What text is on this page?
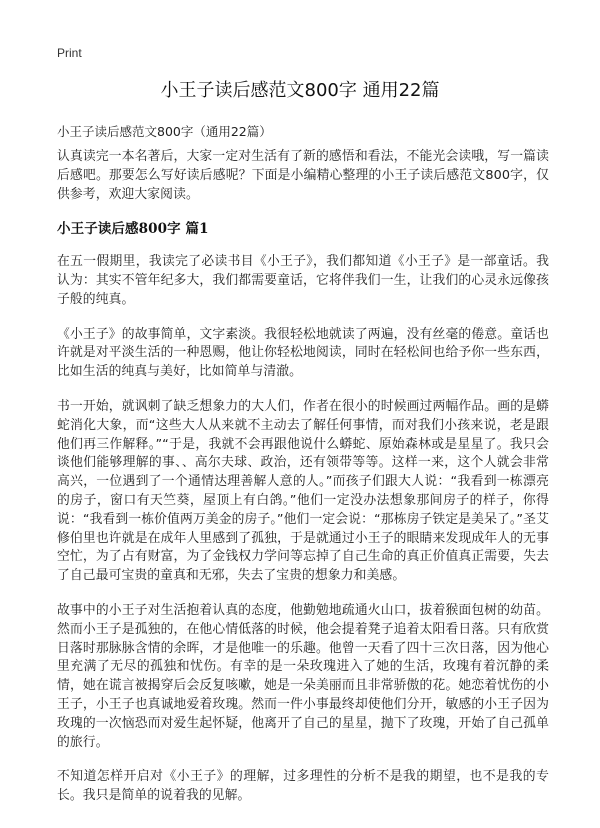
Print
小王子读后感范文800字 通用22篇
小王子读后感范文800字（通用22篇）

认真读完一本名著后，大家一定对生活有了新的感悟和看法，不能光会读哦，写一篇读后感吧。那要怎么写好读后感呢？下面是小编精心整理的小王子读后感范文800字，仅供参考，欢迎大家阅读。

小王子读后感800字 篇1

在五一假期里，我读完了必读书目《小王子》，我们都知道《小王子》是一部童话。我认为：其实不管年纪多大，我们都需要童话，它将伴我们一生，让我们的心灵永远像孩子般的纯真。

《小王子》的故事简单，文字素淡。我很轻松地就读了两遍，没有丝毫的倦意。童话也许就是对平淡生活的一种恩赐，他让你轻松地阅读，同时在轻松间也给予你一些东西，比如生活的纯真与美好，比如简单与清澈。

书一开始，就讽刺了缺乏想象力的大人们，作者在很小的时候画过两幅作品。画的是蟒蛇消化大象，而“这些大人从来就不主动去了解任何事情，而对我们小孩来说，老是跟他们再三作解释。”“于是，我就不会再跟他说什么蟒蛇、原始森林或是星星了。我只会谈他们能够理解的事、、高尔夫球、政治，还有领带等等。这样一来，这个人就会非常高兴，一位遇到了一个通情达理善解人意的人。”而孩子们跟大人说：“我看到一栋漂亮的房子，窗口有天竺葵，屋顶上有白鸽。”他们一定没办法想象那间房子的样子，你得说：“我看到一栋价值两万美金的房子。”他们一定会说：“那栋房子铁定是美呆了。”圣艾修伯里也许就是在成年人里感到了孤独，于是就通过小王子的眼睛来发现成年人的无事空忙，为了占有财富，为了金钱权力学问等忘掉了自己生命的真正价值真正需要，失去了自己最可宝贵的童真和无邪，失去了宝贵的想象力和美感。

故事中的小王子对生活抱着认真的态度，他勤勉地疏通火山口，拔着猴面包树的幼苗。然而小王子是孤独的，在他心情低落的时候，他会提着凳子追着太阳看日落。只有欣赏日落时那脉脉含情的余晖，才是他唯一的乐趣。他曾一天看了四十三次日落，因为他心里充满了无尽的孤独和忧伤。有幸的是一朵玫瑰进入了她的生活，玫瑰有着沉静的柔情，她在谎言被揭穿后会反复咳嗽，她是一朵美丽而且非常骄傲的花。她恋着忧伤的小王子，小王子也真诚地爱着玫瑰。然而一件小事最终却使他们分开，敏感的小王子因为玫瑰的一次恼恐而对爱生起怀疑，他离开了自己的星星，抛下了玫瑰，开始了自己孤单的旅行。

不知道怎样开启对《小王子》的理解，过多理性的分析不是我的期望，也不是我的专长。我只是简单的说着我的见解。
